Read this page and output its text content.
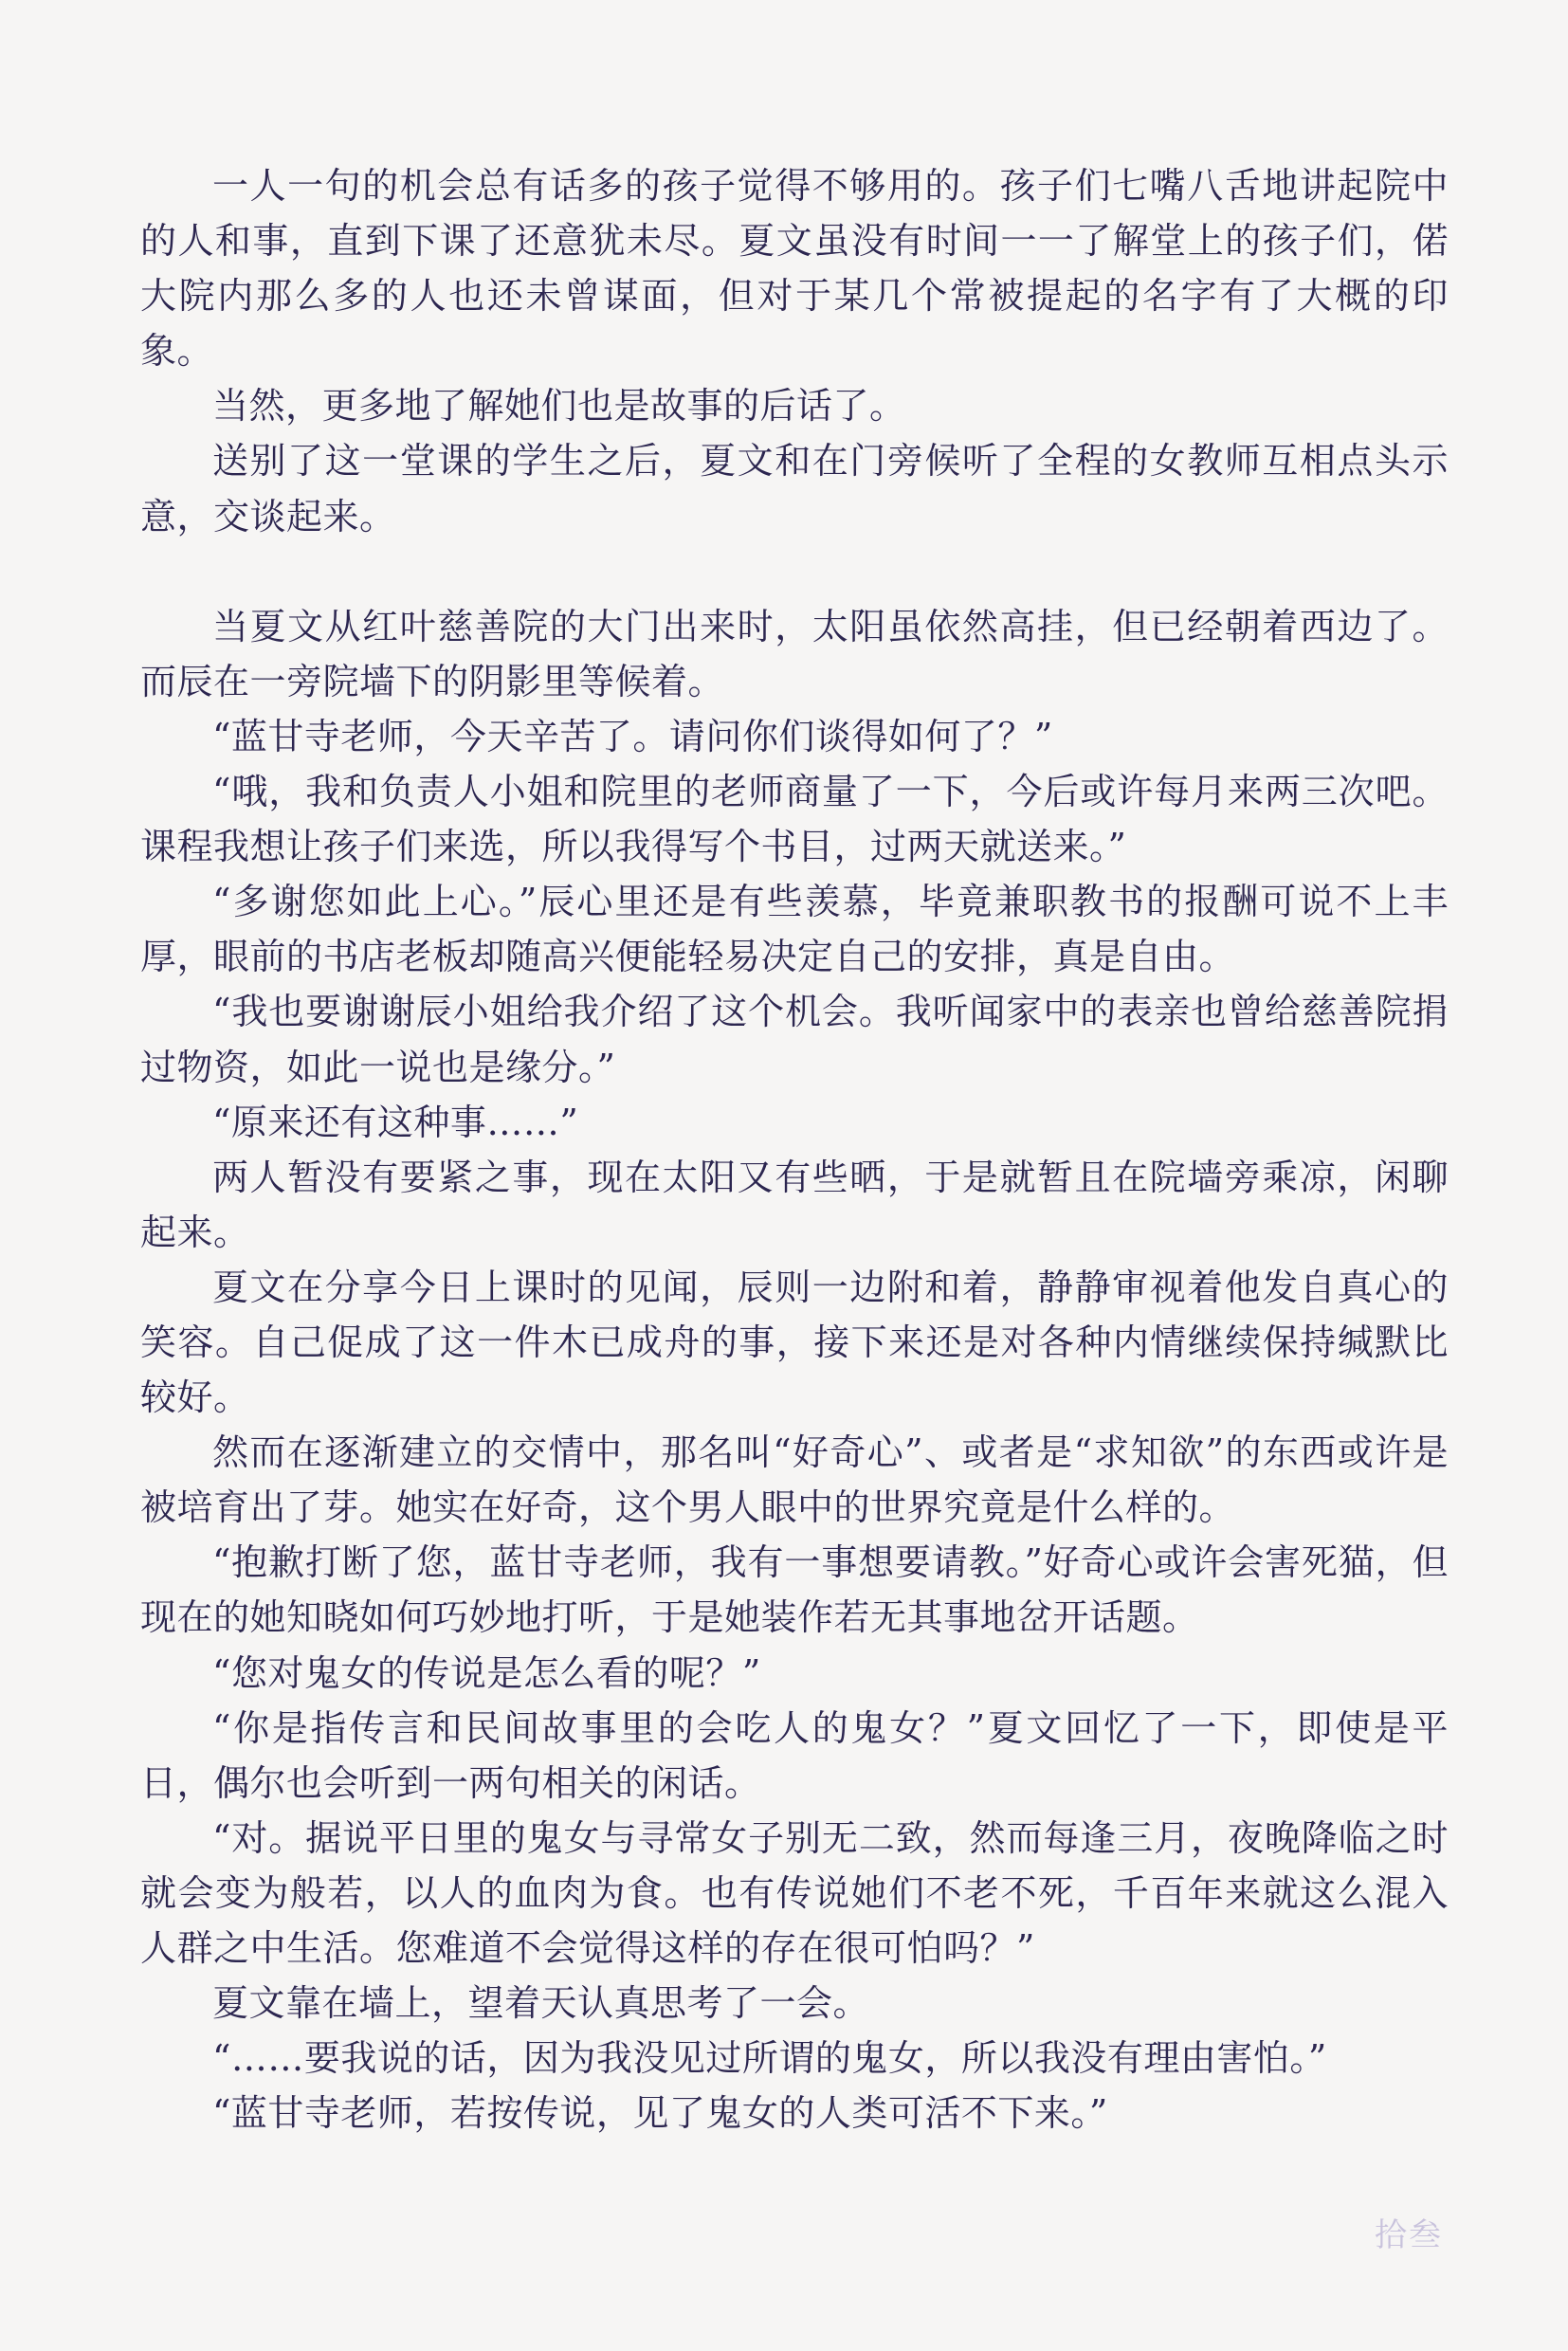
一人一句的机会总有话多的孩子觉得不够用的。孩子们七嘴八舌地讲起院中的人和事，直到下课了还意犹未尽。夏文虽没有时间一一了解堂上的孩子们，偌大院内那么多的人也还未曾谋面，但对于某几个常被提起的名字有了大概的印象。

当然，更多地了解她们也是故事的后话了。

送别了这一堂课的学生之后，夏文和在门旁候听了全程的女教师互相点头示意，交谈起来。

当夏文从红叶慈善院的大门出来时，太阳虽依然高挂，但已经朝着西边了。而辰在一旁院墙下的阴影里等候着。

“蓝甘寺老师，今天辛苦了。请问你们谈得如何了？”

“哦，我和负责人小姐和院里的老师商量了一下，今后或许每月来两三次吧。课程我想让孩子们来选，所以我得写个书目，过两天就送来。”

“多谢您如此上心。”辰心里还是有些羡慕，毕竟兼职教书的报酬可说不上丰厚，眼前的书店老板却随高兴便能轻易决定自己的安排，真是自由。

“我也要谢谢辰小姐给我介绍了这个机会。我听闻家中的表亲也曾给慈善院捐过物资，如此一说也是缘分。”

“原来还有这种事……”

两人暂没有要紧之事，现在太阳又有些晒，于是就暂且在院墙旁乘凉，闲聊起来。

夏文在分享今日上课时的见闻，辰则一边附和着，静静审视着他发自真心的笑容。自己促成了这一件木已成舟的事，接下来还是对各种内情继续保持缄默比较好。

然而在逐渐建立的交情中，那名叫“好奇心”、或者是“求知欲”的东西或许是被培育出了芽。她实在好奇，这个男人眼中的世界究竟是什么样的。

“抱歉打断了您，蓝甘寺老师，我有一事想要请教。”好奇心或许会害死猫，但现在的她知晓如何巧妙地打听，于是她装作若无其事地岔开话题。

“您对鬼女的传说是怎么看的呢？”

“你是指传言和民间故事里的会吃人的鬼女？”夏文回忆了一下，即使是平日，偶尔也会听到一两句相关的闲话。

“对。据说平日里的鬼女与寻常女子别无二致，然而每逢三月，夜晚降临之时就会变为般若，以人的血肉为食。也有传说她们不老不死，千百年来就这么混入人群之中生活。您难道不会觉得这样的存在很可怕吗？”

夏文靠在墙上，望着天认真思考了一会。

“……要我说的话，因为我没见过所谓的鬼女，所以我没有理由害怕。”

“蓝甘寺老师，若按传说，见了鬼女的人类可活不下来。”

拾叁
